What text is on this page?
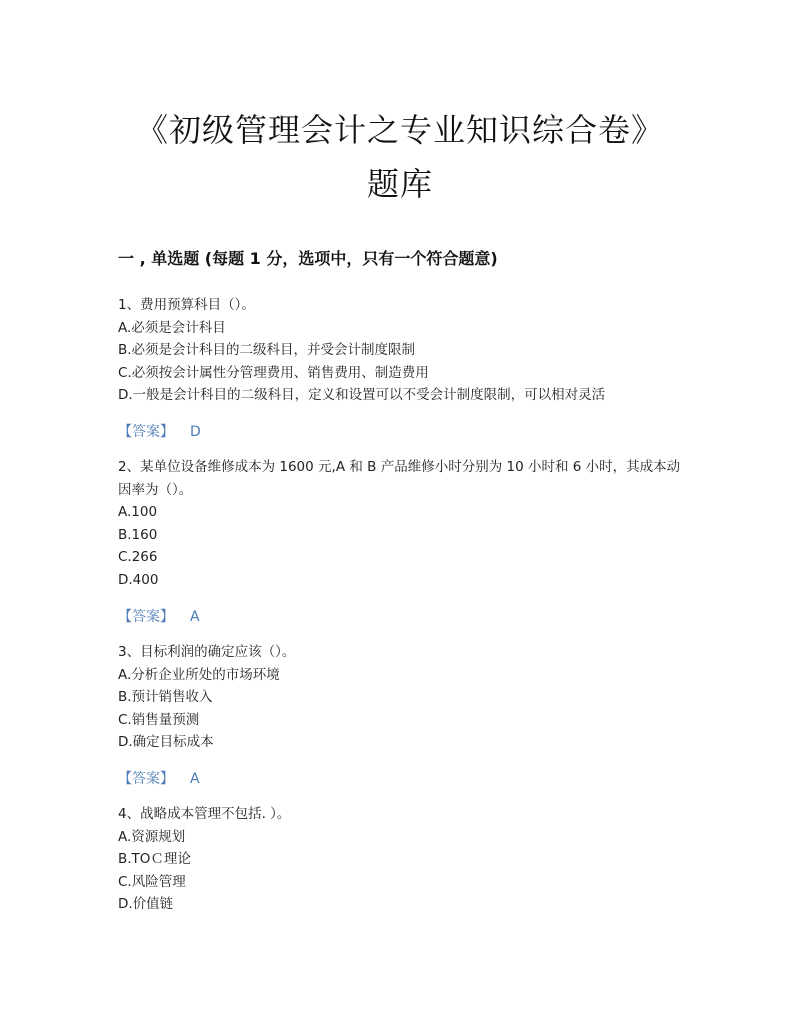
《初级管理会计之专业知识综合卷》
题库
一 , 单选题 (每题 1 分，选项中，只有一个符合题意)

1、费用预算科目（）。

A.必须是会计科目

B.必须是会计科目的二级科目，并受会计制度限制

C.必须按会计属性分管理费用、销售费用、制造费用

D.一般是会计科目的二级科目，定义和设置可以不受会计制度限制，可以相对灵活

【答案】 D

2、某单位设备维修成本为 1600 元,A 和 B 产品维修小时分别为 10 小时和 6 小时，其成本动因率为（）。

A.100

B.160

C.266

D.400

【答案】 A

3、目标利润的确定应该（）。

A.分析企业所处的市场环境

B.预计销售收入

C.销售量预测

D.确定目标成本

【答案】 A

4、战略成本管理不包括. ）。

A.资源规划

B.TOＣ理论

C.风险管理

D.价值链
